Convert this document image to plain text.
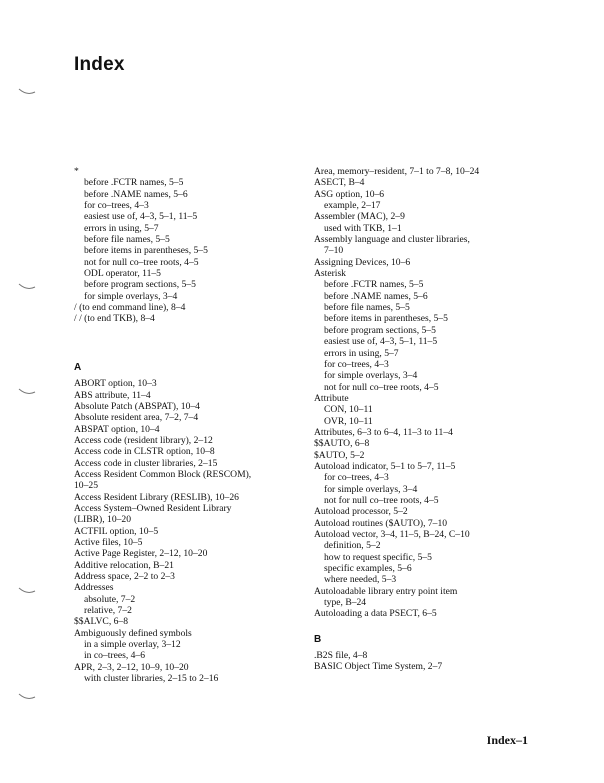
Index
*
before .FCTR names, 5–5
before .NAME names, 5–6
for co–trees, 4–3
easiest use of, 4–3, 5–1, 11–5
errors in using, 5–7
before file names, 5–5
before items in parentheses, 5–5
not for null co–tree roots, 4–5
ODL operator, 11–5
before program sections, 5–5
for simple overlays, 3–4
/ (to end command line), 8–4
/ / (to end TKB), 8–4
A
ABORT option, 10–3
ABS attribute, 11–4
Absolute Patch (ABSPAT), 10–4
Absolute resident area, 7–2, 7–4
ABSPAT option, 10–4
Access code (resident library), 2–12
Access code in CLSTR option, 10–8
Access code in cluster libraries, 2–15
Access Resident Common Block (RESCOM),
10–25
Access Resident Library (RESLIB), 10–26
Access System–Owned Resident Library
(LIBR), 10–20
ACTFIL option, 10–5
Active files, 10–5
Active Page Register, 2–12, 10–20
Additive relocation, B–21
Address space, 2–2 to 2–3
Addresses
absolute, 7–2
relative, 7–2
$$ALVC, 6–8
Ambiguously defined symbols
in a simple overlay, 3–12
in co–trees, 4–6
APR, 2–3, 2–12, 10–9, 10–20
with cluster libraries, 2–15 to 2–16
Area, memory–resident, 7–1 to 7–8, 10–24
ASECT, B–4
ASG option, 10–6
example, 2–17
Assembler (MAC), 2–9
used with TKB, 1–1
Assembly language and cluster libraries,
7–10
Assigning Devices, 10–6
Asterisk
before .FCTR names, 5–5
before .NAME names, 5–6
before file names, 5–5
before items in parentheses, 5–5
before program sections, 5–5
easiest use of, 4–3, 5–1, 11–5
errors in using, 5–7
for co–trees, 4–3
for simple overlays, 3–4
not for null co–tree roots, 4–5
Attribute
CON, 10–11
OVR, 10–11
Attributes, 6–3 to 6–4, 11–3 to 11–4
$$AUTO, 6–8
$AUTO, 5–2
Autoload indicator, 5–1 to 5–7, 11–5
for co–trees, 4–3
for simple overlays, 3–4
not for null co–tree roots, 4–5
Autoload processor, 5–2
Autoload routines ($AUTO), 7–10
Autoload vector, 3–4, 11–5, B–24, C–10
definition, 5–2
how to request specific, 5–5
specific examples, 5–6
where needed, 5–3
Autoloadable library entry point item
type, B–24
Autoloading a data PSECT, 6–5
B
.B2S file, 4–8
BASIC Object Time System, 2–7
Index–1
